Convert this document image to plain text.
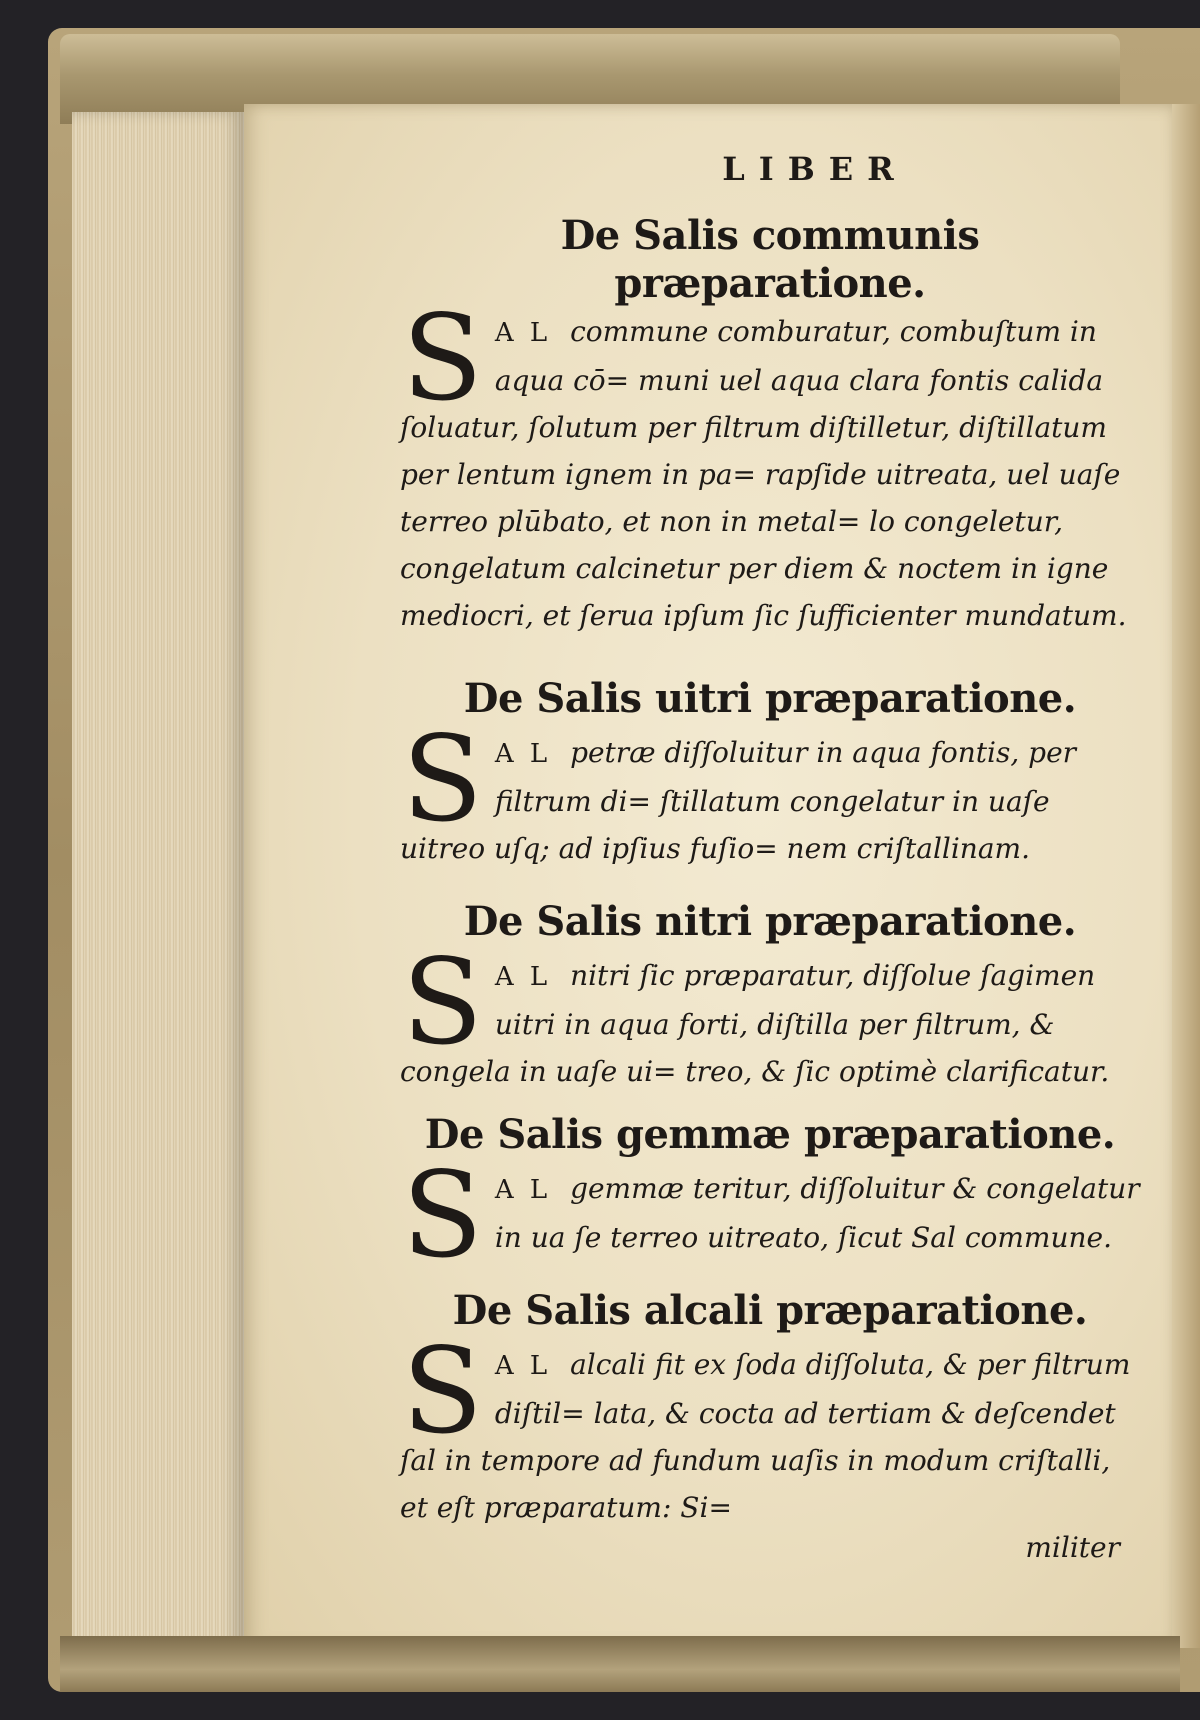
LIBER
De Salis communis præparatione.

S A L commune comburatur, combuſtum in aqua cō= muni uel aqua clara fontis calida ſoluatur, ſolutum per filtrum diſtilletur, diſtillatum per lentum ignem in pa= rapſide uitreata, uel uaſe terreo plūbato, et non in metal= lo congeletur, congelatum calcinetur per diem & noctem in igne mediocri, et ſerua ipſum ſic ſufficienter mundatum.

De Salis uitri præparatione.

S A L petræ diſſoluitur in aqua fontis, per filtrum di= ſtillatum congelatur in uaſe uitreo uſq; ad ipſius fuſio= nem criſtallinam.

De Salis nitri præparatione.

S A L nitri ſic præparatur, diſſolue ſagimen uitri in aqua forti, diſtilla per filtrum, & congela in uaſe ui= treo, & ſic optimè clarificatur.

De Salis gemmæ præparatione.

S A L gemmæ teritur, diſſoluitur & congelatur in ua ſe terreo uitreato, ſicut Sal commune.

De Salis alcali præparatione.

S A L alcali fit ex ſoda diſſoluta, & per filtrum diſtil= lata, & cocta ad tertiam & deſcendet ſal in tempore ad fundum uaſis in modum criſtalli, et eſt præparatum: Si=

militer
